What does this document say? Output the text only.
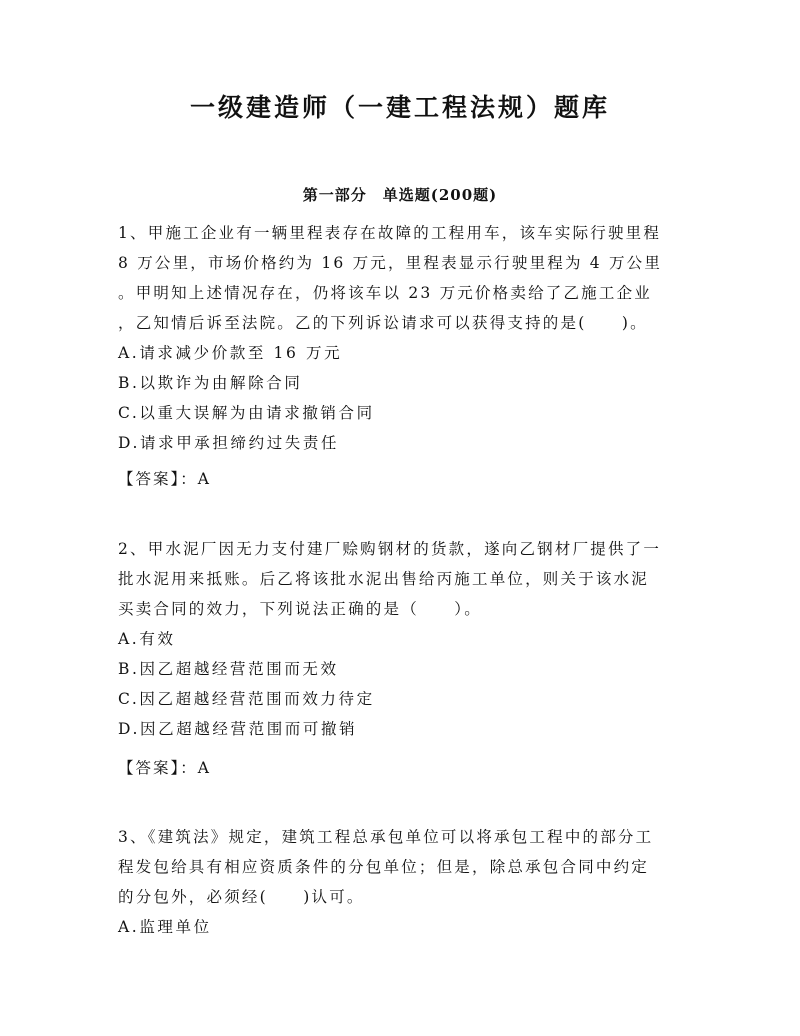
一级建造师（一建工程法规）题库
第一部分 单选题(200题)
1、甲施工企业有一辆里程表存在故障的工程用车，该车实际行驶里程
8 万公里，市场价格约为 16 万元，里程表显示行驶里程为 4 万公里
。甲明知上述情况存在，仍将该车以 23 万元价格卖给了乙施工企业
，乙知情后诉至法院。乙的下列诉讼请求可以获得支持的是(　　)。
A.请求减少价款至 16 万元
B.以欺诈为由解除合同
C.以重大误解为由请求撤销合同
D.请求甲承担缔约过失责任
【答案】：A
2、甲水泥厂因无力支付建厂赊购钢材的货款，遂向乙钢材厂提供了一
批水泥用来抵账。后乙将该批水泥出售给丙施工单位，则关于该水泥
买卖合同的效力，下列说法正确的是（　　）。
A.有效
B.因乙超越经营范围而无效
C.因乙超越经营范围而效力待定
D.因乙超越经营范围而可撤销
【答案】：A
3、《建筑法》规定，建筑工程总承包单位可以将承包工程中的部分工
程发包给具有相应资质条件的分包单位；但是，除总承包合同中约定
的分包外，必须经(　　)认可。
A.监理单位
